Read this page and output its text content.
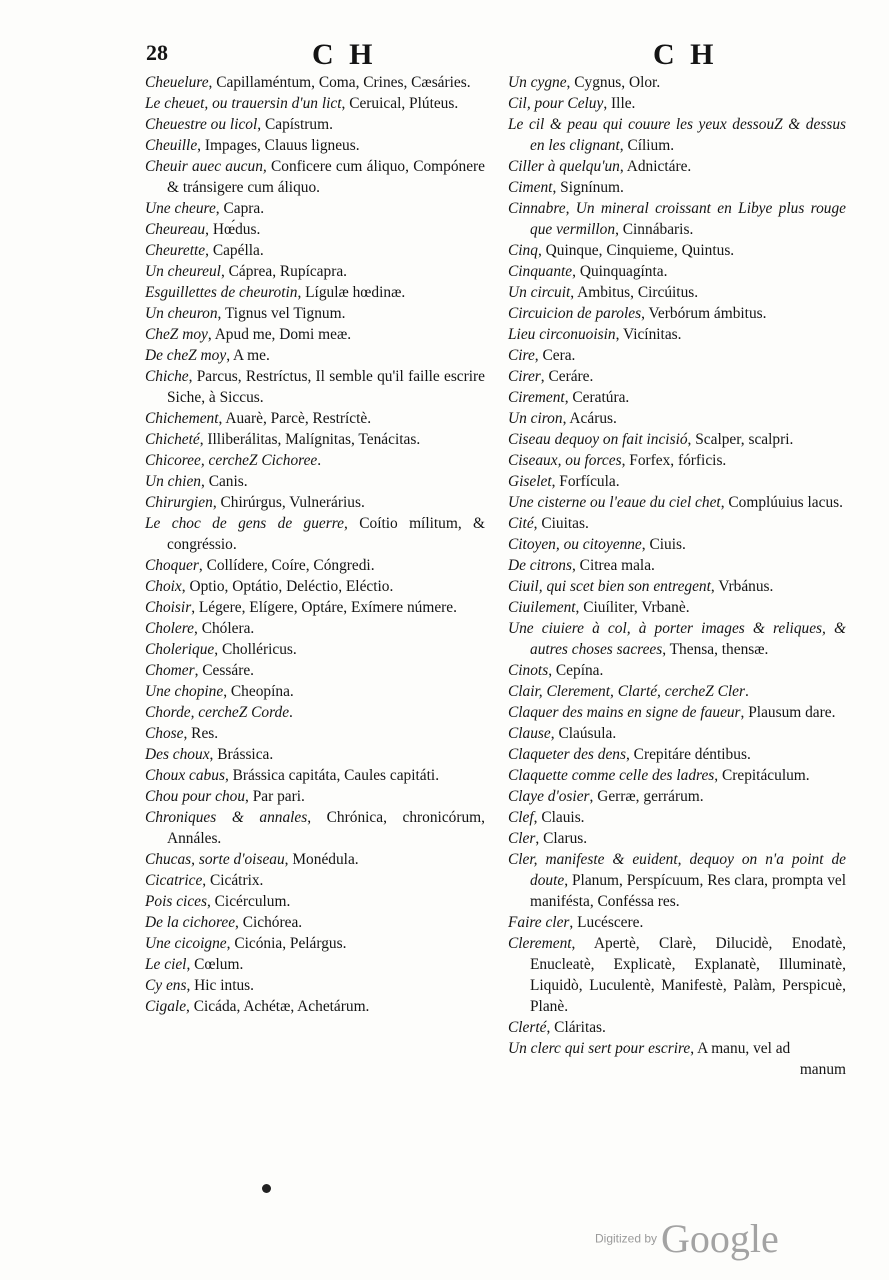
28	C H	C H

Cheuelure, Capillaméntum, Coma, Crines, Cæsáries.

Le cheuet, ou trauersin d'un lict, Ceruical, Plúteus.

Cheuestre ou licol, Capístrum.

Cheuille, Impages, Clauus ligneus.

Cheuir auec aucun, Conficere cum áliquo, Compónere & tránsigere cum áliquo.

Une cheure, Capra.

Cheureau, Hœ́dus.

Cheurette, Capélla.

Un cheureul, Cáprea, Rupícapra.

Esguillettes de cheurotin, Lígulæ hœdinæ.

Un cheuron, Tignus vel Tignum.

CheZ moy, Apud me, Domi meæ.

De cheZ moy, A me.

Chiche, Parcus, Restríctus, Il semble qu'il faille escrire Siche, à Siccus.

Chichement, Auarè, Parcè, Restríctè.

Chicheté, Illiberálitas, Malígnitas, Tenácitas.

Chicoree, cercheZ Cichoree.

Un chien, Canis.

Chirurgien, Chirúrgus, Vulnerárius.

Le choc de gens de guerre, Coítio mílitum, & congréssio.

Choquer, Collídere, Coíre, Cóngredi.

Choix, Optio, Optátio, Deléctio, Eléctio.

Choisir, Légere, Elígere, Optáre, Exímere númere.

Cholere, Chólera.

Cholerique, Cholléricus.

Chomer, Cessáre.

Une chopine, Cheopína.

Chorde, cercheZ Corde.

Chose, Res.

Des choux, Brássica.

Choux cabus, Brássica capitáta, Caules capitáti.

Chou pour chou, Par pari.

Chroniques & annales, Chrónica, chronicórum, Annáles.

Chucas, sorte d'oiseau, Monédula.

Cicatrice, Cicátrix.

Pois cices, Cicérculum.

De la cichoree, Cichórea.

Une cicoigne, Cicónia, Pelárgus.

Le ciel, Cœlum.

Cy ens, Hic intus.

Cigale, Cicáda, Achétæ, Achetárum.

Un cygne, Cygnus, Olor.

Cil, pour Celuy, Ille.

Le cil & peau qui couure les yeux dessouZ & dessus en les clignant, Cílium.

Ciller à quelqu'un, Adnictáre.

Ciment, Signínum.

Cinnabre, Un mineral croissant en Libye plus rouge que vermillon, Cinnábaris.

Cinq, Quinque, Cinquieme, Quintus.

Cinquante, Quinquagínta.

Un circuit, Ambitus, Circúitus.

Circuicion de paroles, Verbórum ámbitus.

Lieu circonuoisin, Vicínitas.

Cire, Cera.

Cirer, Ceráre.

Cirement, Ceratúra.

Un ciron, Acárus.

Ciseau dequoy on fait incisió, Scalper, scalpri.

Ciseaux, ou forces, Forfex, fórficis.

Giselet, Forfícula.

Une cisterne ou l'eaue du ciel chet, Complúuius lacus.

Cité, Ciuitas.

Citoyen, ou citoyenne, Ciuis.

De citrons, Citrea mala.

Ciuil, qui scet bien son entregent, Vrbánus.

Ciuilement, Ciuíliter, Vrbanè.

Une ciuiere à col, à porter images & reliques, & autres choses sacrees, Thensa, thensæ.

Cinots, Cepína.

Clair, Clerement, Clarté, cercheZ Cler.

Claquer des mains en signe de faueur, Plausum dare.

Clause, Claúsula.

Claqueter des dens, Crepitáre déntibus.

Claquette comme celle des ladres, Crepitáculum.

Claye d'osier, Gerræ, gerrárum.

Clef, Clauis.

Cler, Clarus.

Cler, manifeste & euident, dequoy on n'a point de doute, Planum, Perspícuum, Res clara, prompta vel manifésta, Conféssa res.

Faire cler, Lucéscere.

Clerement, Apertè, Clarè, Dilucidè, Enodatè, Enucleatè, Explicatè, Explanatè, Illuminatè, Liquidò, Luculentè, Manifestè, Palàm, Perspicuè, Planè.

Clerté, Cláritas.

Un clerc qui sert pour escrire, A manu, vel ad

manum

Digitized by Google
